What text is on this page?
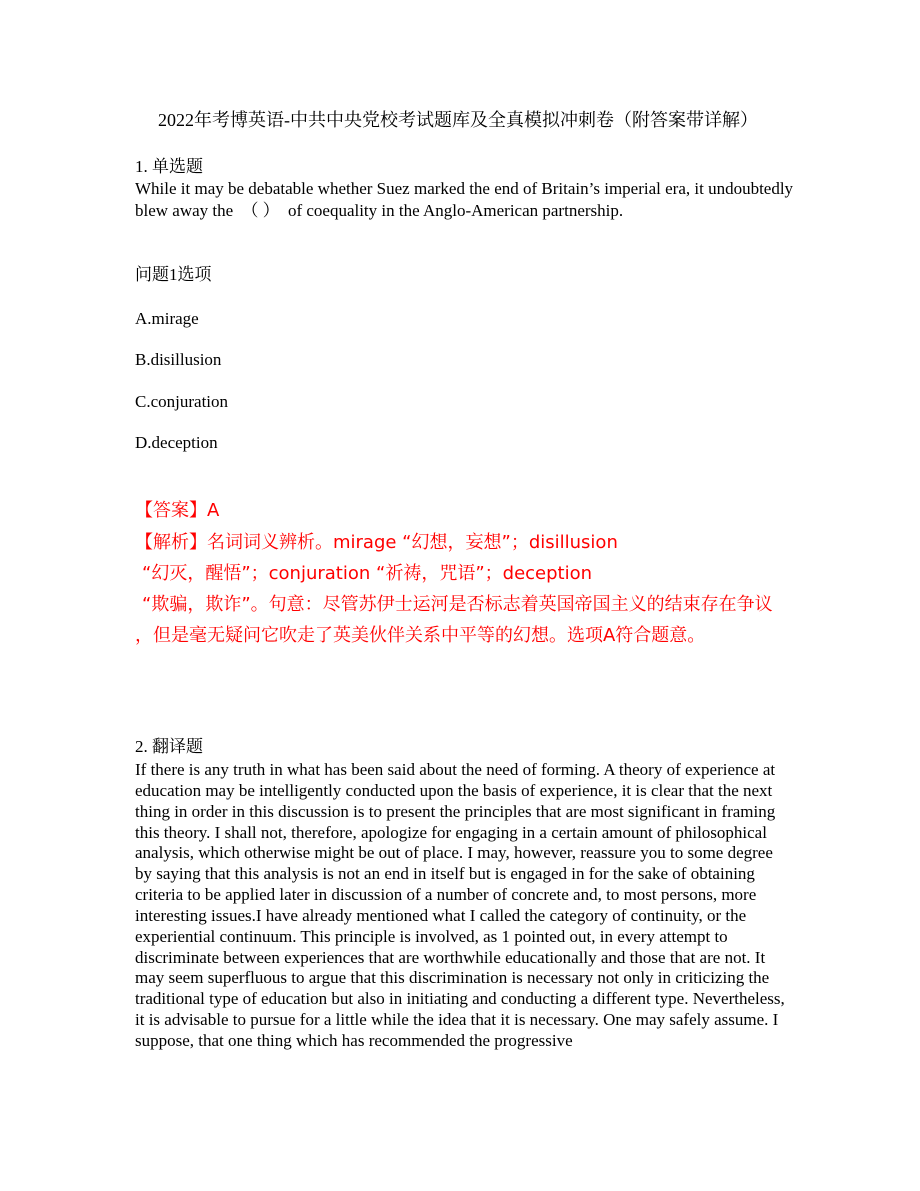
2022年考博英语-中共中央党校考试题库及全真模拟冲刺卷（附答案带详解）
1. 单选题
While it may be debatable whether Suez marked the end of Britain’s imperial era, it undoubtedly blew away the （ ） of coequality in the Anglo-American partnership.
问题1选项
A.mirage
B.disillusion
C.conjuration
D.deception
【答案】A
【解析】名词词义辨析。mirage “幻想，妄想”；disillusion
“幻灭，醒悟”；conjuration “祈祷，咒语”；deception
“欺骗，欺诈”。句意：尽管苏伊士运河是否标志着英国帝国主义的结束存在争议
，但是毫无疑问它吹走了英美伙伴关系中平等的幻想。选项A符合题意。
2. 翻译题
If there is any truth in what has been said about the need of forming. A theory of experience at education may be intelligently conducted upon the basis of experience, it is clear that the next thing in order in this discussion is to present the principles that are most significant in framing this theory. I shall not, therefore, apologize for engaging in a certain amount of philosophical analysis, which otherwise might be out of place. I may, however, reassure you to some degree by saying that this analysis is not an end in itself but is engaged in for the sake of obtaining criteria to be applied later in discussion of a number of concrete and, to most persons, more interesting issues.I have already mentioned what I called the category of continuity, or the experiential continuum. This principle is involved, as 1 pointed out, in every attempt to discriminate between experiences that are worthwhile educationally and those that are not. It may seem superfluous to argue that this discrimination is necessary not only in criticizing the traditional type of education but also in initiating and conducting a different type. Nevertheless, it is advisable to pursue for a little while the idea that it is necessary. One may safely assume. I suppose, that one thing which has recommended the progressive
